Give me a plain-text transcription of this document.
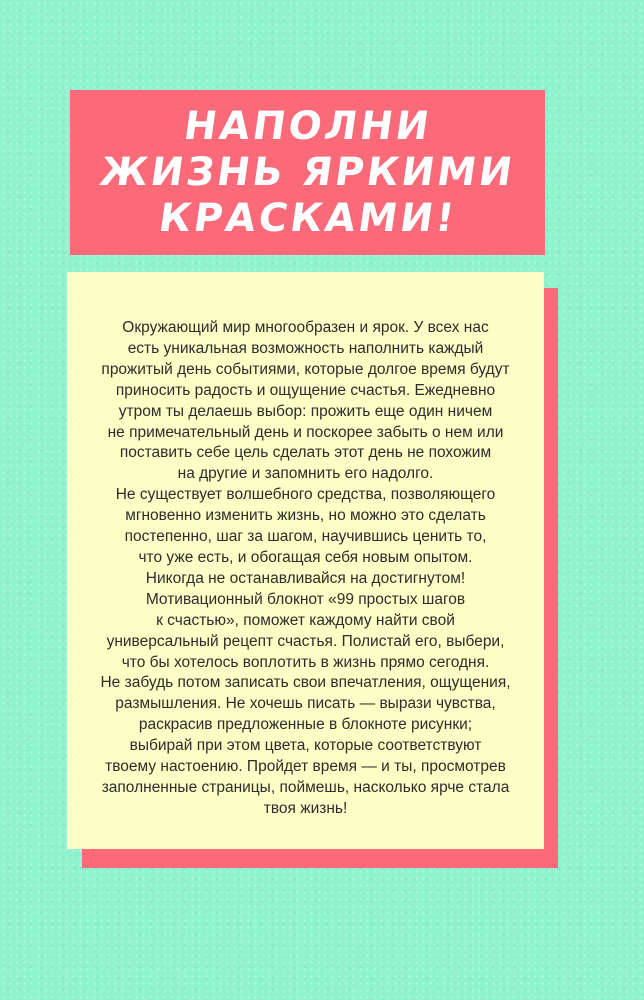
НАПОЛНИ
ЖИЗНЬ ЯРКИМИ
КРАСКАМИ!
Окружающий мир многообразен и ярок. У всех нас
есть уникальная возможность наполнить каждый
прожитый день событиями, которые долгое время будут
приносить радость и ощущение счастья. Ежедневно
утром ты делаешь выбор: прожить еще один ничем
не примечательный день и поскорее забыть о нем или
поставить себе цель сделать этот день не похожим
на другие и запомнить его надолго.
Не существует волшебного средства, позволяющего
мгновенно изменить жизнь, но можно это сделать
постепенно, шаг за шагом, научившись ценить то,
что уже есть, и обогащая себя новым опытом.
Никогда не останавливайся на достигнутом!
Мотивационный блокнот «99 простых шагов
к счастью», поможет каждому найти свой
универсальный рецепт счастья. Полистай его, выбери,
что бы хотелось воплотить в жизнь прямо сегодня.
Не забудь потом записать свои впечатления, ощущения,
размышления. Не хочешь писать — вырази чувства,
раскрасив предложенные в блокноте рисунки;
выбирай при этом цвета, которые соответствуют
твоему настоению. Пройдет время — и ты, просмотрев
заполненные страницы, поймешь, насколько ярче стала
твоя жизнь!
